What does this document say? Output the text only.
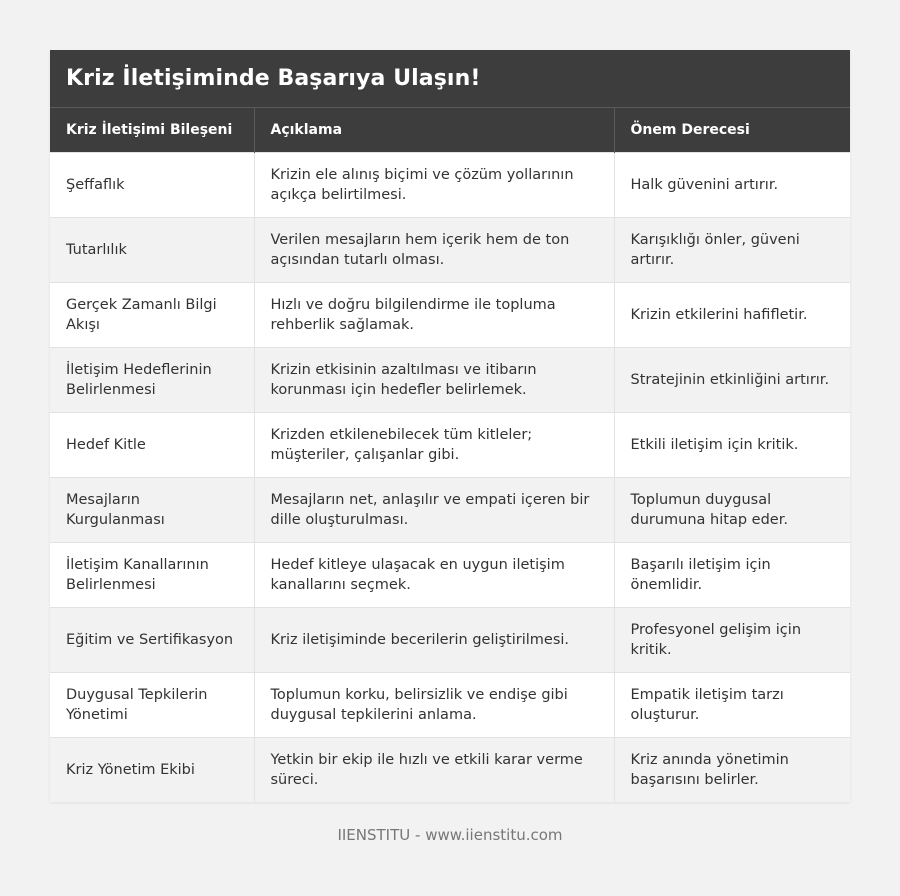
Kriz İletişiminde Başarıya Ulaşın!
Kriz İletişimi Bileşeni	Açıklama	Önem Derecesi
Şeffaflık	Krizin ele alınış biçimi ve çözüm yollarının açıkça belirtilmesi.	Halk güvenini artırır.
Tutarlılık	Verilen mesajların hem içerik hem de ton açısından tutarlı olması.	Karışıklığı önler, güveni artırır.
Gerçek Zamanlı Bilgi Akışı	Hızlı ve doğru bilgilendirme ile topluma rehberlik sağlamak.	Krizin etkilerini hafifletir.
İletişim Hedeflerinin Belirlenmesi	Krizin etkisinin azaltılması ve itibarın korunması için hedefler belirlemek.	Stratejinin etkinliğini artırır.
Hedef Kitle	Krizden etkilenebilecek tüm kitleler; müşteriler, çalışanlar gibi.	Etkili iletişim için kritik.
Mesajların Kurgulanması	Mesajların net, anlaşılır ve empati içeren bir dille oluşturulması.	Toplumun duygusal durumuna hitap eder.
İletişim Kanallarının Belirlenmesi	Hedef kitleye ulaşacak en uygun iletişim kanallarını seçmek.	Başarılı iletişim için önemlidir.
Eğitim ve Sertifikasyon	Kriz iletişiminde becerilerin geliştirilmesi.	Profesyonel gelişim için kritik.
Duygusal Tepkilerin Yönetimi	Toplumun korku, belirsizlik ve endişe gibi duygusal tepkilerini anlama.	Empatik iletişim tarzı oluşturur.
Kriz Yönetim Ekibi	Yetkin bir ekip ile hızlı ve etkili karar verme süreci.	Kriz anında yönetimin başarısını belirler.
IIENSTITU - www.iienstitu.com
